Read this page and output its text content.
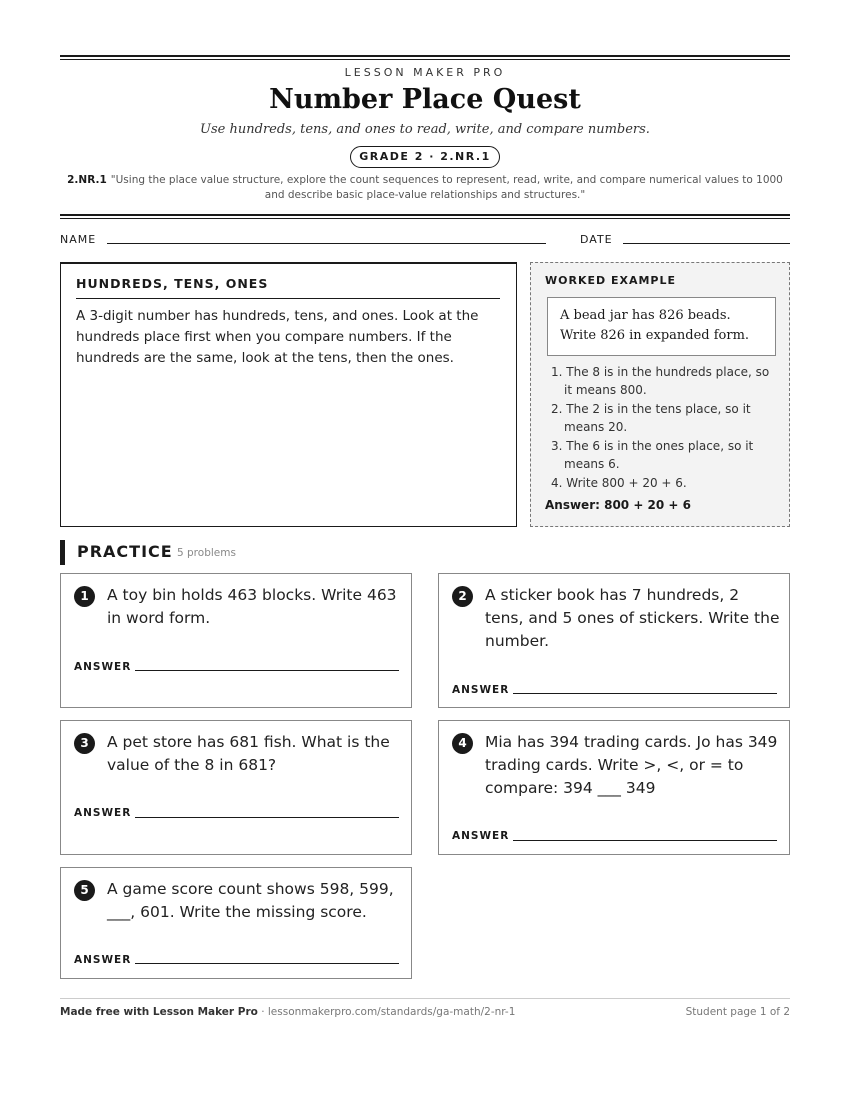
LESSON MAKER PRO
Number Place Quest
Use hundreds, tens, and ones to read, write, and compare numbers.
GRADE 2 · 2.NR.1
2.NR.1 "Using the place value structure, explore the count sequences to represent, read, write, and compare numerical values to 1000 and describe basic place-value relationships and structures."
NAME	DATE
HUNDREDS, TENS, ONES
A 3-digit number has hundreds, tens, and ones. Look at the hundreds place first when you compare numbers. If the hundreds are the same, look at the tens, then the ones.
WORKED EXAMPLE
A bead jar has 826 beads. Write 826 in expanded form.
1. The 8 is in the hundreds place, so it means 800.
2. The 2 is in the tens place, so it means 20.
3. The 6 is in the ones place, so it means 6.
4. Write 800 + 20 + 6.
Answer: 800 + 20 + 6
PRACTICE 5 problems
1	A toy bin holds 463 blocks. Write 463 in word form.
ANSWER
2	A sticker book has 7 hundreds, 2 tens, and 5 ones of stickers. Write the number.
ANSWER
3	A pet store has 681 fish. What is the value of the 8 in 681?
ANSWER
4	Mia has 394 trading cards. Jo has 349 trading cards. Write >, <, or = to compare: 394 ___ 349
ANSWER
5	A game score count shows 598, 599, ___, 601. Write the missing score.
ANSWER
Made free with Lesson Maker Pro · lessonmakerpro.com/standards/ga-math/2-nr-1	Student page 1 of 2
